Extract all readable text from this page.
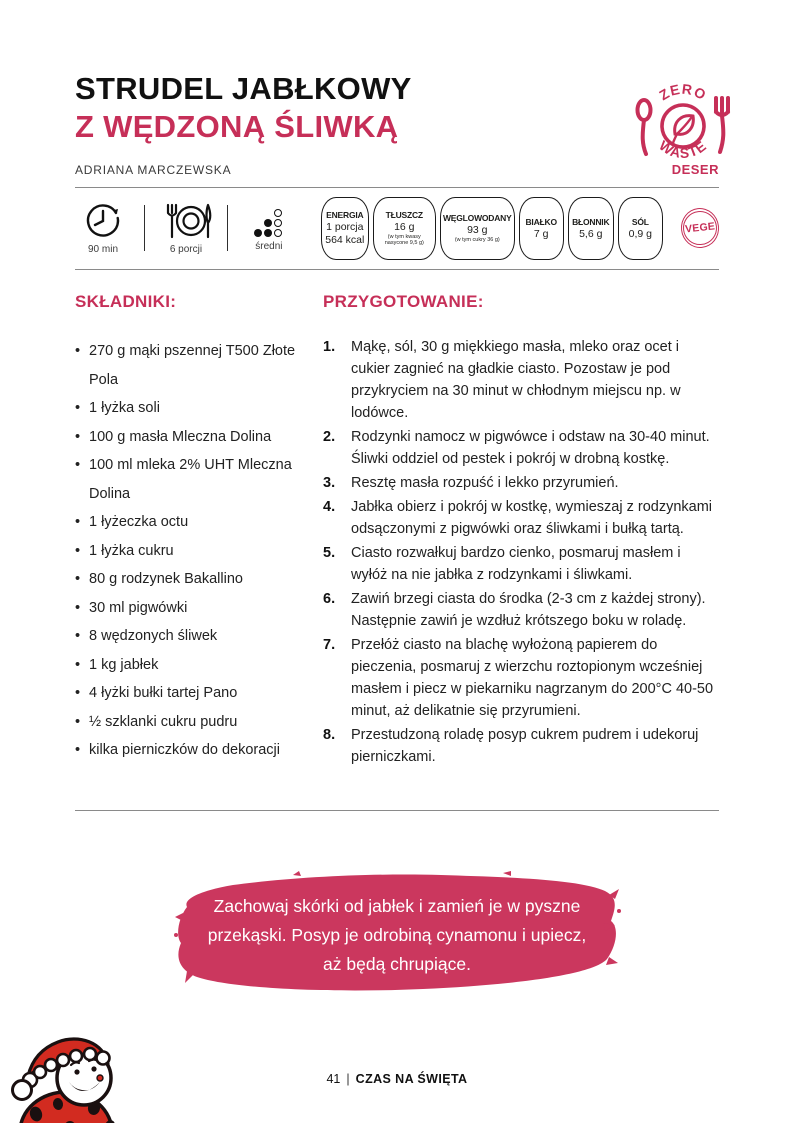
STRUDEL JABŁKOWY
Z WĘDZONĄ ŚLIWKĄ
ADRIANA MARCZEWSKA	DESER
ZERO
WASTE
90 min	6 porcji	średni
ENERGIA
1 porcja
564 kcal
TŁUSZCZ
16 g
(w tym kwasy nasycone 9,5 g)
WĘGLOWODANY
93 g
(w tym cukry 36 g)
BIAŁKO
7 g
BŁONNIK
5,6 g
SÓL
0,9 g	VEGE
SKŁADNIKI:
• 270 g mąki pszennej T500 Złote Pola
• 1 łyżka soli
• 100 g masła Mleczna Dolina
• 100 ml mleka 2% UHT Mleczna Dolina
• 1 łyżeczka octu
• 1 łyżka cukru
• 80 g rodzynek Bakallino
• 30 ml pigwówki
• 8 wędzonych śliwek
• 1 kg jabłek
• 4 łyżki bułki tartej Pano
• ½ szklanki cukru pudru
• kilka pierniczków do dekoracji
PRZYGOTOWANIE:
1. Mąkę, sól, 30 g miękkiego masła, mleko oraz ocet i cukier zagnieć na gładkie ciasto. Pozostaw je pod przykryciem na 30 minut w chłodnym miejscu np. w lodówce.
2. Rodzynki namocz w pigwówce i odstaw na 30-40 minut. Śliwki oddziel od pestek i pokrój w drobną kostkę.
3. Resztę masła rozpuść i lekko przyrumień.
4. Jabłka obierz i pokrój w kostkę, wymieszaj z rodzynkami odsączonymi z pigwówki oraz śliwkami i bułką tartą.
5. Ciasto rozwałkuj bardzo cienko, posmaruj masłem i wyłóż na nie jabłka z rodzynkami i śliwkami.
6. Zawiń brzegi ciasta do środka (2-3 cm z każdej strony). Następnie zawiń je wzdłuż krótszego boku w roladę.
7. Przełóż ciasto na blachę wyłożoną papierem do pieczenia, posmaruj z wierzchu roztopionym wcześniej masłem i piecz w piekarniku nagrzanym do 200°C 40-50 minut, aż delikatnie się przyrumieni.
8. Przestudzoną roladę posyp cukrem pudrem i udekoruj pierniczkami.
Zachowaj skórki od jabłek i zamień je w pyszne
przekąski. Posyp je odrobiną cynamonu i upiecz,
aż będą chrupiące.
41 | CZAS NA ŚWIĘTA
